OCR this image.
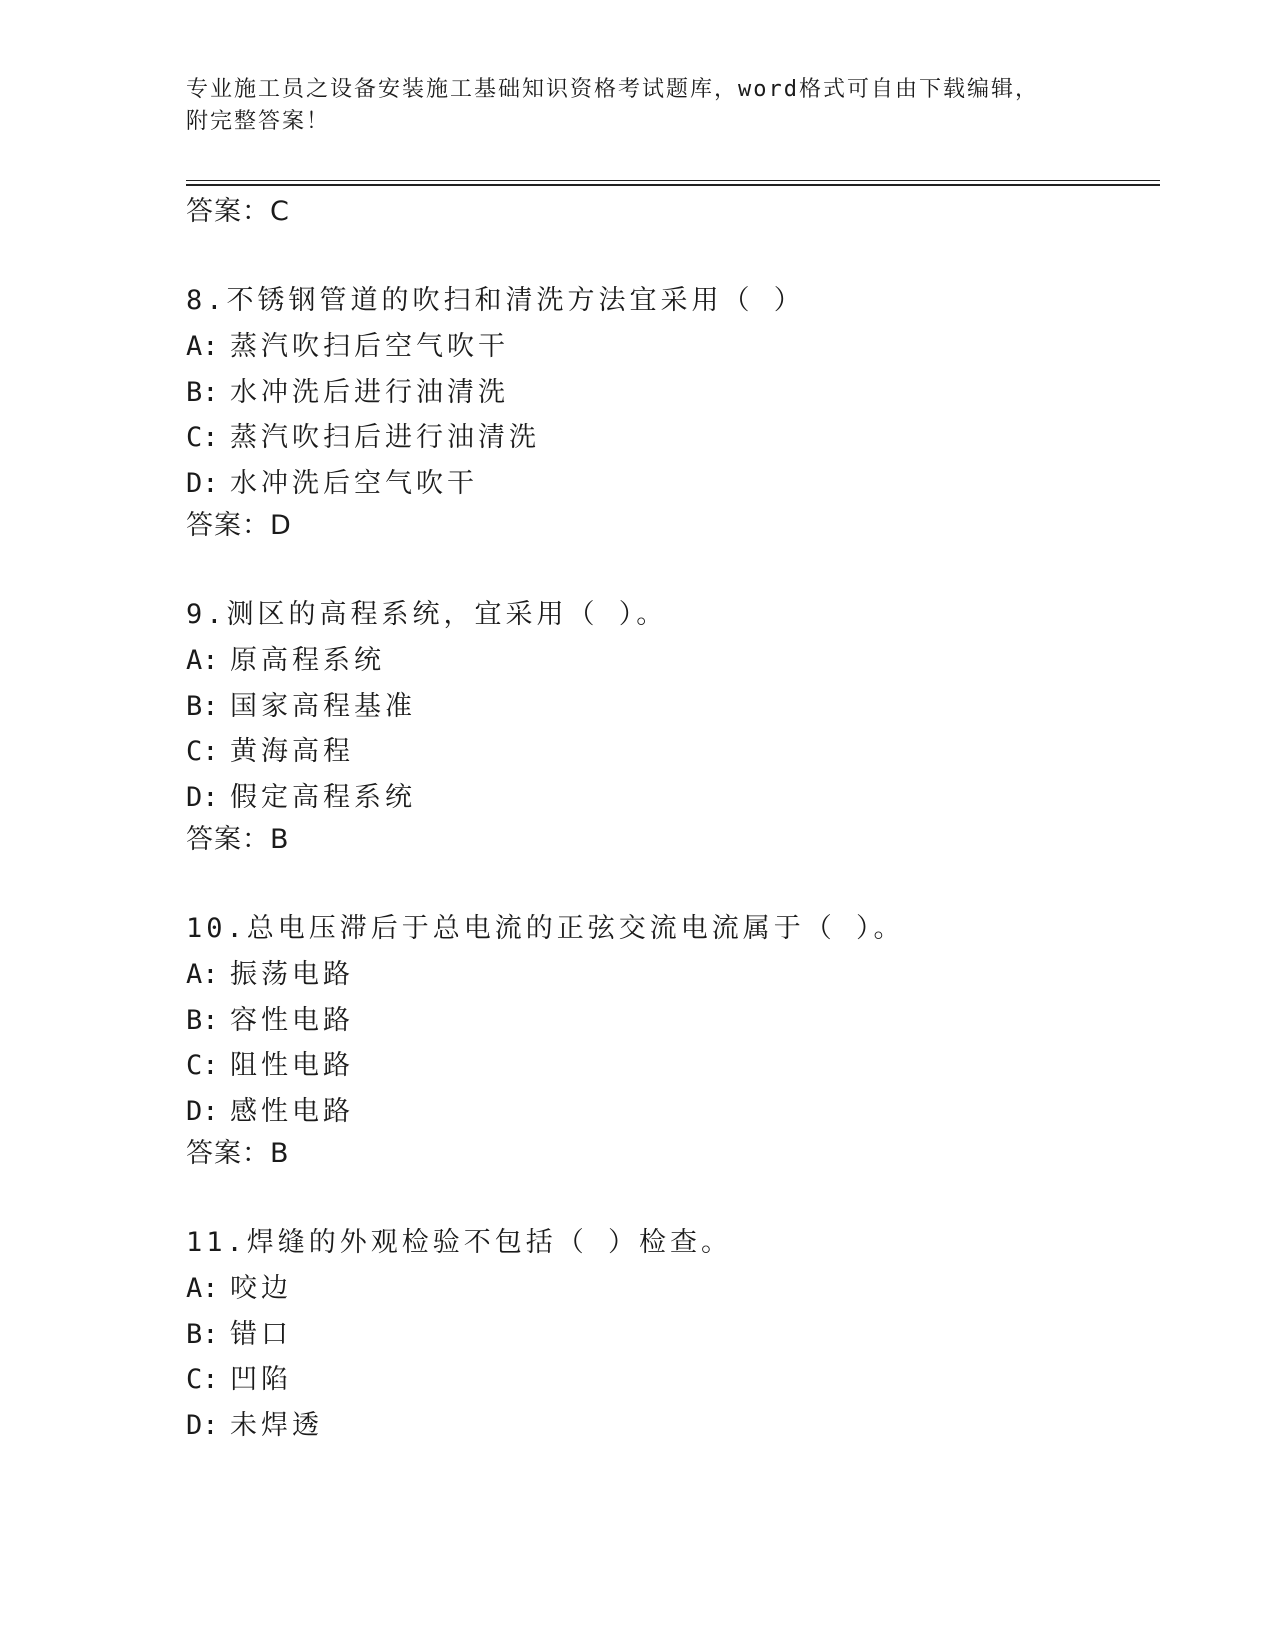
专业施工员之设备安装施工基础知识资格考试题库，word格式可自由下载编辑，
附完整答案！
答案：C
8.不锈钢管道的吹扫和清洗方法宜采用（ ）
A: 蒸汽吹扫后空气吹干
B: 水冲洗后进行油清洗
C: 蒸汽吹扫后进行油清洗
D: 水冲洗后空气吹干
答案：D
9.测区的高程系统，宜采用（ ）。
A: 原高程系统
B: 国家高程基准
C: 黄海高程
D: 假定高程系统
答案：B
10.总电压滞后于总电流的正弦交流电流属于（ ）。
A: 振荡电路
B: 容性电路
C: 阻性电路
D: 感性电路
答案：B
11.焊缝的外观检验不包括（ ）检查。
A: 咬边
B: 错口
C: 凹陷
D: 未焊透
